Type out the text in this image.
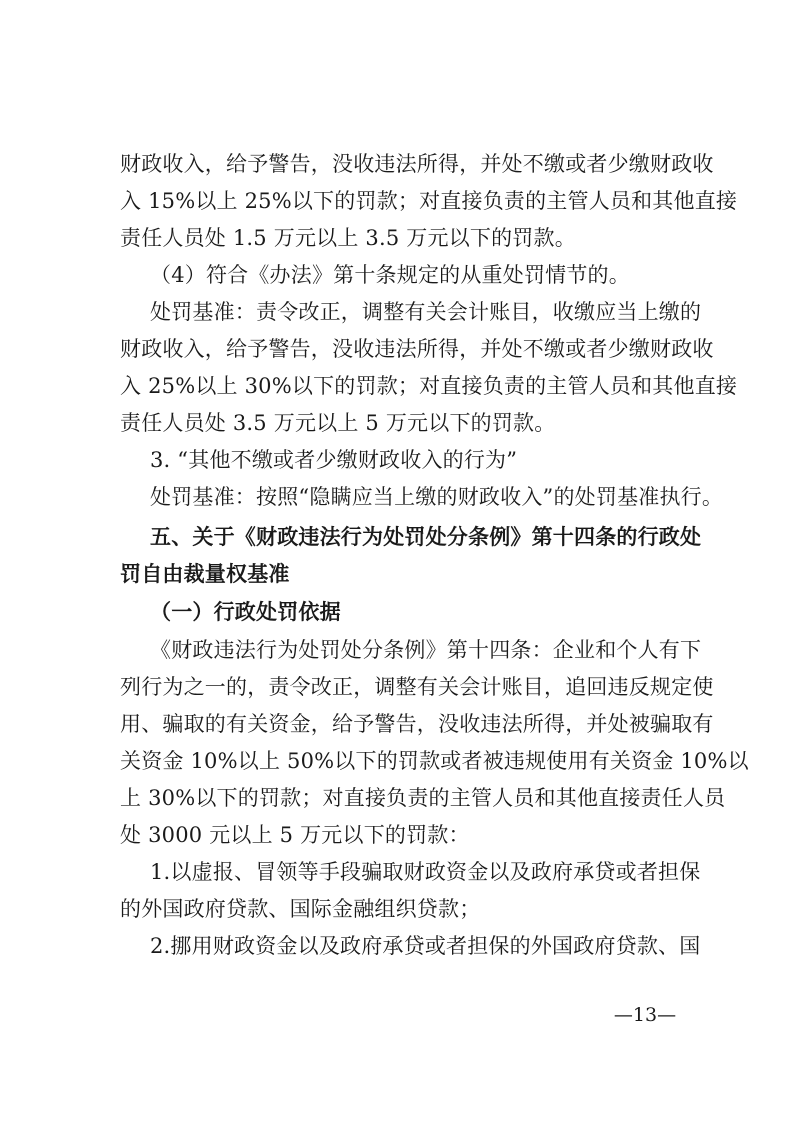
财政收入，给予警告，没收违法所得，并处不缴或者少缴财政收
入 15%以上 25%以下的罚款；对直接负责的主管人员和其他直接
责任人员处 1.5 万元以上 3.5 万元以下的罚款。
（4）符合《办法》第十条规定的从重处罚情节的。
处罚基准：责令改正，调整有关会计账目，收缴应当上缴的
财政收入，给予警告，没收违法所得，并处不缴或者少缴财政收
入 25%以上 30%以下的罚款；对直接负责的主管人员和其他直接
责任人员处 3.5 万元以上 5 万元以下的罚款。
3. “其他不缴或者少缴财政收入的行为”
处罚基准：按照“隐瞒应当上缴的财政收入”的处罚基准执行。
五、关于《财政违法行为处罚处分条例》第十四条的行政处
罚自由裁量权基准
（一）行政处罚依据
《财政违法行为处罚处分条例》第十四条：企业和个人有下
列行为之一的，责令改正，调整有关会计账目，追回违反规定使
用、骗取的有关资金，给予警告，没收违法所得，并处被骗取有
关资金 10%以上 50%以下的罚款或者被违规使用有关资金 10%以
上 30%以下的罚款；对直接负责的主管人员和其他直接责任人员
处 3000 元以上 5 万元以下的罚款：
1.以虚报、冒领等手段骗取财政资金以及政府承贷或者担保
的外国政府贷款、国际金融组织贷款；
2.挪用财政资金以及政府承贷或者担保的外国政府贷款、国
—13—
